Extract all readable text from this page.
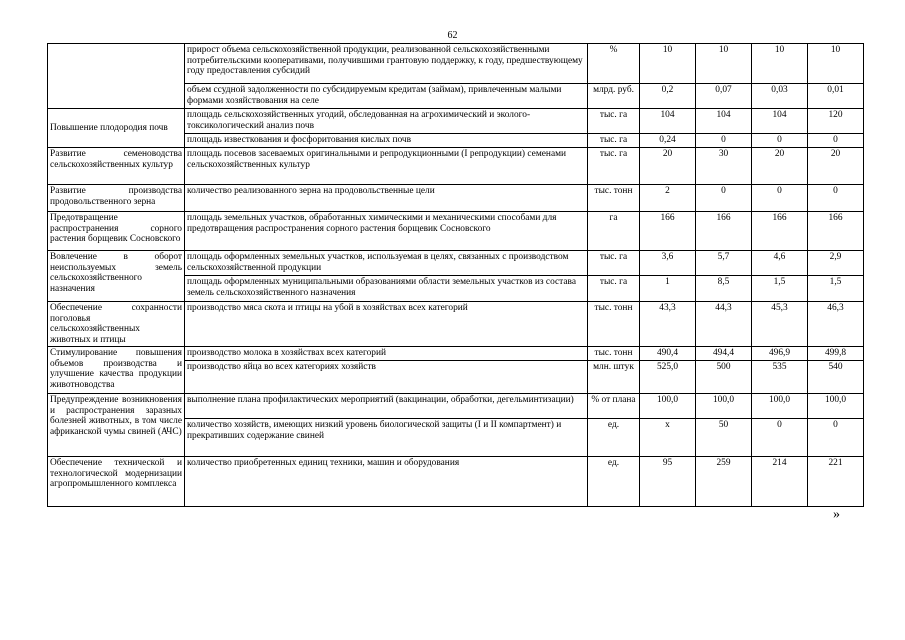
62
	прирост объема сельскохозяйственной продукции, реализованной сельскохозяйственными потребительскими кооперативами, получившими грантовую поддержку, к году, предшествующему году предоставления субсидий	%	10	10	10	10
	объем ссудной задолженности по субсидируемым кредитам (займам), привлеченным малыми формами хозяйствования на селе	млрд. руб.	0,2	0,07	0,03	0,01
Повышение плодородия почв	площадь сельскохозяйственных угодий, обследованная на агрохимический и эколого-токсикологический анализ почв	тыс. га	104	104	104	120
	площадь известкования и фосфоритования кислых почв	тыс. га	0,24	0	0	0
Развитие семеноводства сельскохозяйственных культур	площадь посевов засеваемых оригинальными и репродукционными (I репродукции) семенами сельскохозяйственных культур	тыс. га	20	30	20	20
Развитие производства продовольственного зерна	количество реализованного зерна на продовольственные цели	тыс. тонн	2	0	0	0
Предотвращение распространения сорного растения борщевик Сосновского	площадь земельных участков, обработанных химическими и механическими способами для предотвращения распространения сорного растения борщевик Сосновского	га	166	166	166	166
Вовлечение в оборот неиспользуемых земель сельскохозяйственного назначения	площадь оформленных земельных участков, используемая в целях, связанных с производством сельскохозяйственной продукции	тыс. га	3,6	5,7	4,6	2,9
	площадь оформленных муниципальными образованиями области земельных участков из состава земель сельскохозяйственного назначения	тыс. га	1	8,5	1,5	1,5
Обеспечение сохранности поголовья сельскохозяйственных животных и птицы	производство мяса скота и птицы на убой в хозяйствах всех категорий	тыс. тонн	43,3	44,3	45,3	46,3
Стимулирование повышения объемов производства и улучшение качества продукции животноводства	производство молока в хозяйствах всех категорий	тыс. тонн	490,4	494,4	496,9	499,8
	производство яйца во всех категориях хозяйств	млн. штук	525,0	500	535	540
Предупреждение возникновения и распространения заразных болезней животных, в том числе африканской чумы свиней (АЧС)	выполнение плана профилактических мероприятий (вакцинации, обработки, дегельминтизации)	% от плана	100,0	100,0	100,0	100,0
	количество хозяйств, имеющих низкий уровень биологической защиты (I и II компартмент) и прекративших содержание свиней	ед.	х	50	0	0
Обеспечение технической и технологической модернизации агропромышленного комплекса	количество приобретенных единиц техники, машин и оборудования	ед.	95	259	214	221
»
